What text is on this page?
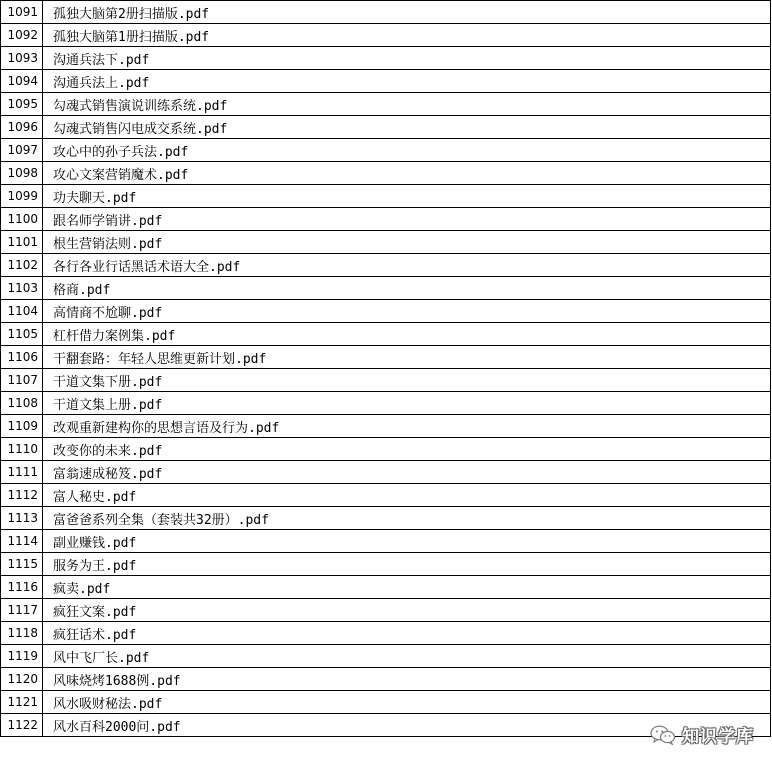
1091	孤独大脑第2册扫描版.pdf
1092	孤独大脑第1册扫描版.pdf
1093	沟通兵法下.pdf
1094	沟通兵法上.pdf
1095	勾魂式销售演说训练系统.pdf
1096	勾魂式销售闪电成交系统.pdf
1097	攻心中的孙子兵法.pdf
1098	攻心文案营销魔术.pdf
1099	功夫聊天.pdf
1100	跟名师学销讲.pdf
1101	根生营销法则.pdf
1102	各行各业行话黑话术语大全.pdf
1103	格商.pdf
1104	高情商不尬聊.pdf
1105	杠杆借力案例集.pdf
1106	干翻套路：年轻人思维更新计划.pdf
1107	干道文集下册.pdf
1108	干道文集上册.pdf
1109	改观重新建构你的思想言语及行为.pdf
1110	改变你的未来.pdf
1111	富翁速成秘笈.pdf
1112	富人秘史.pdf
1113	富爸爸系列全集（套装共32册）.pdf
1114	副业赚钱.pdf
1115	服务为王.pdf
1116	疯卖.pdf
1117	疯狂文案.pdf
1118	疯狂话术.pdf
1119	风中飞厂长.pdf
1120	风味烧烤1688例.pdf
1121	风水吸财秘法.pdf
1122	风水百科2000问.pdf	知识学库
